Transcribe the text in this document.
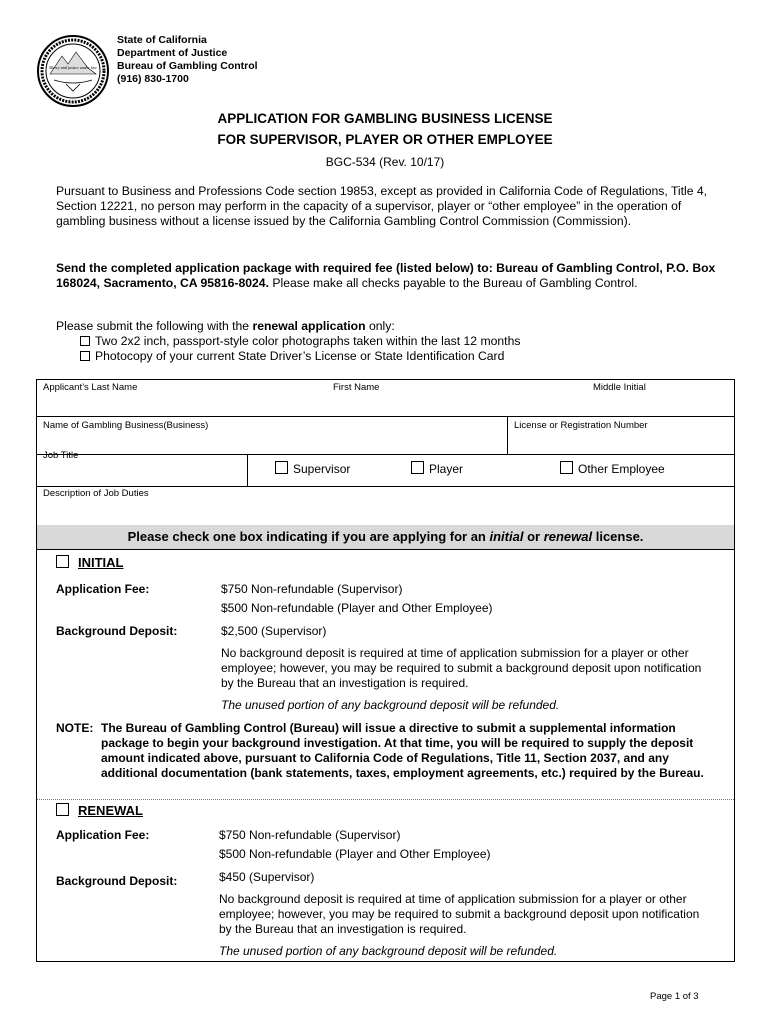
Mercy and justice under law
State of California
Department of Justice
Bureau of Gambling Control
(916) 830-1700
APPLICATION FOR GAMBLING BUSINESS LICENSE
FOR SUPERVISOR, PLAYER OR OTHER EMPLOYEE
BGC-534 (Rev. 10/17)
Pursuant to Business and Professions Code section 19853, except as provided in California Code of Regulations, Title 4, Section 12221, no person may perform in the capacity of a supervisor, player or “other employee” in the operation of gambling business without a license issued by the California Gambling Control Commission (Commission).
Send the completed application package with required fee (listed below) to: Bureau of Gambling Control, P.O. Box 168024, Sacramento, CA 95816-8024. Please make all checks payable to the Bureau of Gambling Control.
Please submit the following with the renewal application only:
Two 2x2 inch, passport-style color photographs taken within the last 12 months
Photocopy of your current State Driver’s License or State Identification Card
Applicant’s Last Name	First Name	Middle Initial
Name of Gambling Business(Business)	License or Registration Number
Job Title
Supervisor	Player	Other Employee
Description of Job Duties
Please check one box indicating if you are applying for an initial or renewal license.
INITIAL
Application Fee:	$750 Non-refundable (Supervisor)
$500 Non-refundable (Player and Other Employee)
Background Deposit:	$2,500 (Supervisor)
No background deposit is required at time of application submission for a player or other employee; however, you may be required to submit a background deposit upon notification by the Bureau that an investigation is required.
The unused portion of any background deposit will be refunded.
NOTE: The Bureau of Gambling Control (Bureau) will issue a directive to submit a supplemental information package to begin your background investigation. At that time, you will be required to supply the deposit amount indicated above, pursuant to California Code of Regulations, Title 11, Section 2037, and any additional documentation (bank statements, taxes, employment agreements, etc.) required by the Bureau.
RENEWAL
Application Fee:	$750 Non-refundable (Supervisor)
$500 Non-refundable (Player and Other Employee)
Background Deposit:	$450 (Supervisor)
No background deposit is required at time of application submission for a player or other employee; however, you may be required to submit a background deposit upon notification by the Bureau that an investigation is required.
The unused portion of any background deposit will be refunded.
Page 1 of 3
